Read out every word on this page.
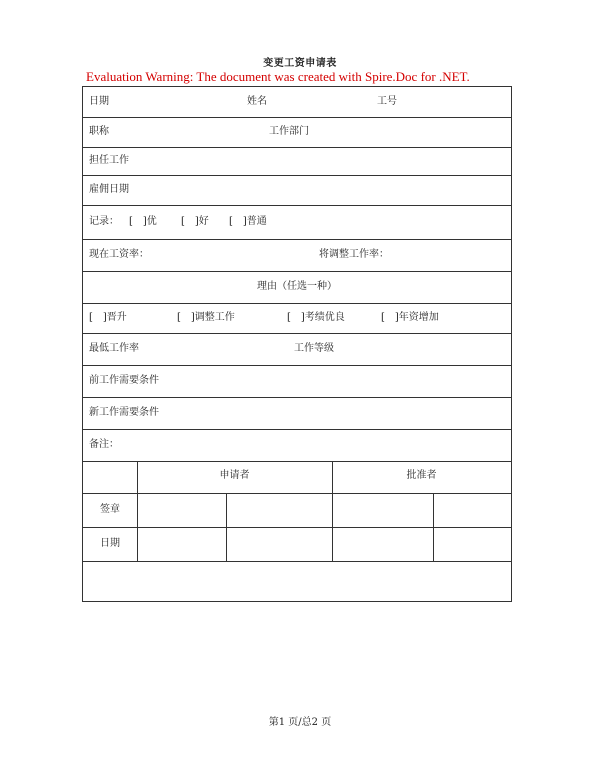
变更工资申请表
Evaluation Warning: The document was created with Spire.Doc for .NET.
日期	姓名	工号
职称	工作部门
担任工作
雇佣日期
记录： [　]优 [　]好 [　]普通
现在工资率：	将调整工作率：
理由（任选一种）
[　]晋升	[　]调整工作	[　]考绩优良	[　]年资增加
最低工作率	工作等级
前工作需要条件
新工作需要条件
备注：
申请者	批准者
签章
日期
第1 页/总2 页
